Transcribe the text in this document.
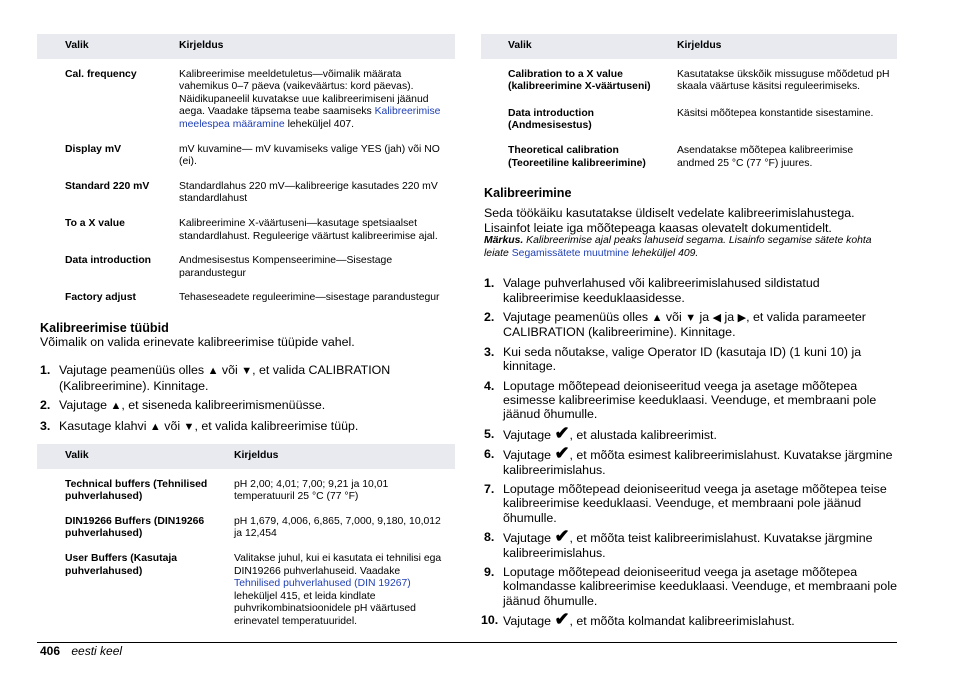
Valik	Kirjeldus
Cal. frequency	Kalibreerimise meeldetuletus—võimalik määrata vahemikus 0–7 päeva (vaikeväärtus: kord päevas). Näidikupaneelil kuvatakse uue kalibreerimiseni jäänud aega. Vaadake täpsema teabe saamiseks Kalibreerimise meelespea määramine leheküljel 407.
Display mV	mV kuvamine— mV kuvamiseks valige YES (jah) või NO (ei).
Standard 220 mV	Standardlahus 220 mV—kalibreerige kasutades 220 mV standardlahust
To a X value	Kalibreerimine X-väärtuseni—kasutage spetsiaalset standardlahust. Reguleerige väärtust kalibreerimise ajal.
Data introduction	Andmesisestus Kompenseerimine—Sisestage parandustegur
Factory adjust	Tehaseseadete reguleerimine—sisestage parandustegur
Kalibreerimise tüübid

Võimalik on valida erinevate kalibreerimise tüüpide vahel.

1. Vajutage peamenüüs olles ▲ või ▼, et valida CALIBRATION (Kalibreerimine). Kinnitage.
2. Vajutage ▲, et siseneda kalibreerimismenüüsse.
3. Kasutage klahvi ▲ või ▼, et valida kalibreerimise tüüp.
Valik	Kirjeldus
Technical buffers (Tehnilised puhverlahused)	pH 2,00; 4,01; 7,00; 9,21 ja 10,01 temperatuuril 25 °C (77 °F)
DIN19266 Buffers (DIN19266 puhverlahused)	pH 1,679, 4,006, 6,865, 7,000, 9,180, 10,012 ja 12,454
User Buffers (Kasutaja puhverlahused)	Valitakse juhul, kui ei kasutata ei tehnilisi ega DIN19266 puhverlahuseid. Vaadake Tehnilised puhverlahused (DIN 19267) leheküljel 415, et leida kindlate puhvrikombinatsioonidele pH väärtused erinevatel temperatuuridel.
Valik	Kirjeldus
Calibration to a X value (kalibreerimine X-väärtuseni)	Kasutatakse ükskõik missuguse mõõdetud pH skaala väärtuse käsitsi reguleerimiseks.
Data introduction (Andmesisestus)	Käsitsi mõõtepea konstantide sisestamine.
Theoretical calibration (Teoreetiline kalibreerimine)	Asendatakse mõõtepea kalibreerimise andmed 25 °C (77 °F) juures.
Kalibreerimine

Seda töökäiku kasutatakse üldiselt vedelate kalibreerimislahustega. Lisainfot leiate iga mõõtepeaga kaasas olevatelt dokumentidelt.

Märkus. Kalibreerimise ajal peaks lahuseid segama. Lisainfo segamise sätete kohta leiate Segamissätete muutmine leheküljel 409.

1. Valage puhverlahused või kalibreerimislahused sildistatud kalibreerimise keeduklaasidesse.
2. Vajutage peamenüüs olles ▲ või ▼ ja ◀ ja ▶, et valida parameeter CALIBRATION (kalibreerimine). Kinnitage.
3. Kui seda nõutakse, valige Operator ID (kasutaja ID) (1 kuni 10) ja kinnitage.
4. Loputage mõõtepead deioniseeritud veega ja asetage mõõtepea esimesse kalibreerimise keeduklaasi. Veenduge, et membraani pole jäänud õhumulle.
5. Vajutage ✔, et alustada kalibreerimist.
6. Vajutage ✔, et mõõta esimest kalibreerimislahust. Kuvatakse järgmine kalibreerimislahus.
7. Loputage mõõtepead deioniseeritud veega ja asetage mõõtepea teise kalibreerimise keeduklaasi. Veenduge, et membraani pole jäänud õhumulle.
8. Vajutage ✔, et mõõta teist kalibreerimislahust. Kuvatakse järgmine kalibreerimislahus.
9. Loputage mõõtepead deioniseeritud veega ja asetage mõõtepea kolmandasse kalibreerimise keeduklaasi. Veenduge, et membraani pole jäänud õhumulle.
10. Vajutage ✔, et mõõta kolmandat kalibreerimislahust.
406 eesti keel
